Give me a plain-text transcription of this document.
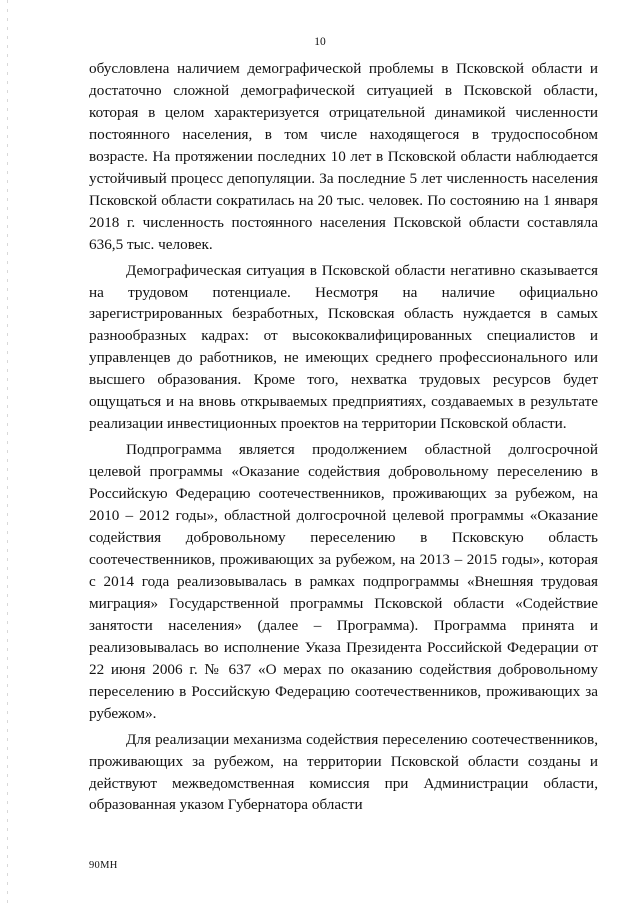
10

обусловлена наличием демографической проблемы в Псковской области и достаточно сложной демографической ситуацией в Псковской области, которая в целом характеризуется отрицательной динамикой численности постоянного населения, в том числе находящегося в трудоспособном возрасте. На протяжении последних 10 лет в Псковской области наблюдается устойчивый процесс депопуляции. За последние 5 лет численность населения Псковской области сократилась на 20 тыс. человек. По состоянию на 1 января 2018 г. численность постоянного населения Псковской области составляла 636,5 тыс. человек.

Демографическая ситуация в Псковской области негативно сказывается на трудовом потенциале. Несмотря на наличие официально зарегистрированных безработных, Псковская область нуждается в самых разнообразных кадрах: от высококвалифицированных специалистов и управленцев до работников, не имеющих среднего профессионального или высшего образования. Кроме того, нехватка трудовых ресурсов будет ощущаться и на вновь открываемых предприятиях, создаваемых в результате реализации инвестиционных проектов на территории Псковской области.

Подпрограмма является продолжением областной долгосрочной целевой программы «Оказание содействия добровольному переселению в Российскую Федерацию соотечественников, проживающих за рубежом, на 2010 – 2012 годы», областной долгосрочной целевой программы «Оказание содействия добровольному переселению в Псковскую область соотечественников, проживающих за рубежом, на 2013 – 2015 годы», которая с 2014 года реализовывалась в рамках подпрограммы «Внешняя трудовая миграция» Государственной программы Псковской области «Содействие занятости населения» (далее – Программа). Программа принята и реализовывалась во исполнение Указа Президента Российской Федерации от 22 июня 2006 г. № 637 «О мерах по оказанию содействия добровольному переселению в Российскую Федерацию соотечественников, проживающих за рубежом».

Для реализации механизма содействия переселению соотечественников, проживающих за рубежом, на территории Псковской области созданы и действуют межведомственная комиссия при Администрации области, образованная указом Губернатора области

90МН
